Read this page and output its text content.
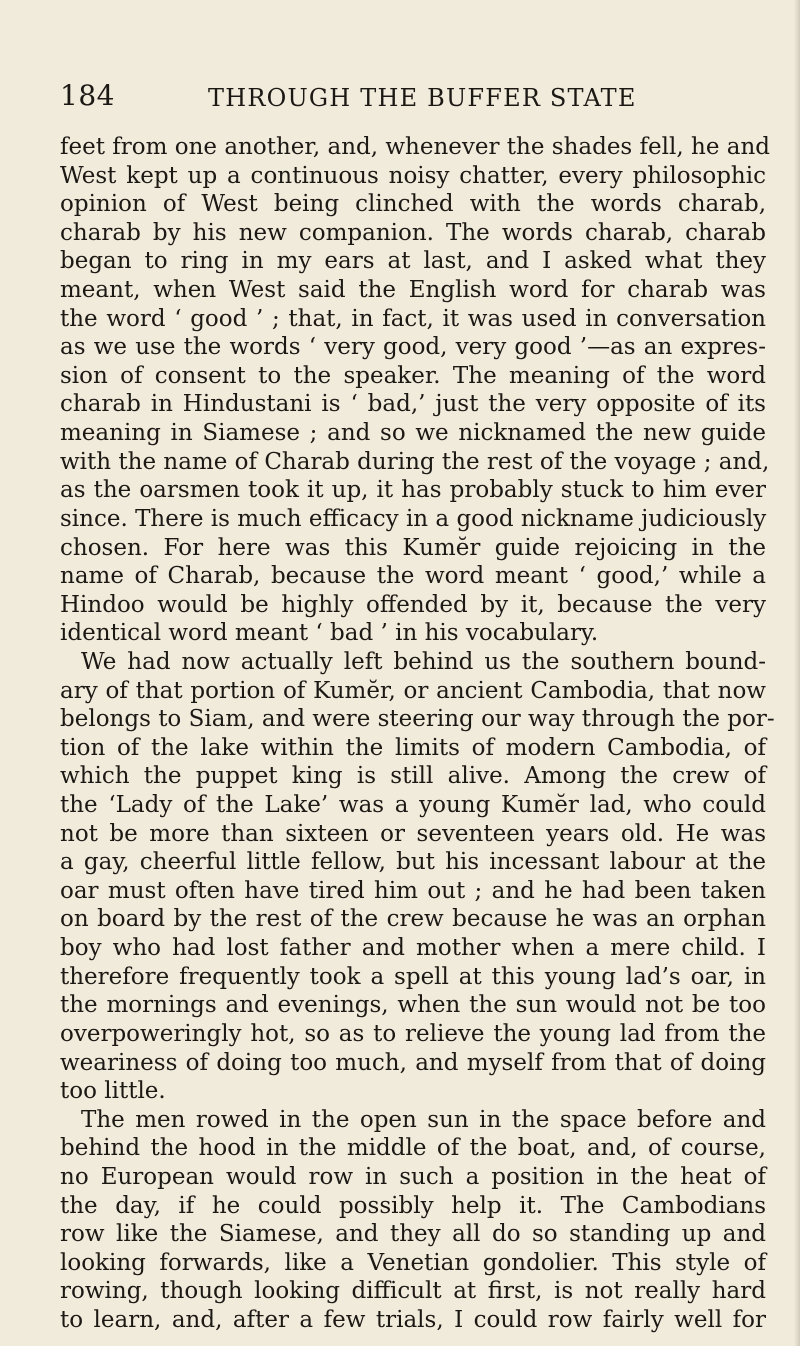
184	THROUGH THE BUFFER STATE
feet from one another, and, whenever the shades fell, he and
West kept up a continuous noisy chatter, every philosophic
opinion of West being clinched with the words charab,
charab by his new companion. The words charab, charab
began to ring in my ears at last, and I asked what they
meant, when West said the English word for charab was
the word ‘ good ’ ; that, in fact, it was used in conversation
as we use the words ‘ very good, very good ’—as an expres-
sion of consent to the speaker. The meaning of the word
charab in Hindustani is ‘ bad,’ just the very opposite of its
meaning in Siamese ; and so we nicknamed the new guide
with the name of Charab during the rest of the voyage ; and,
as the oarsmen took it up, it has probably stuck to him ever
since. There is much efficacy in a good nickname judiciously
chosen. For here was this Kumĕr guide rejoicing in the
name of Charab, because the word meant ‘ good,’ while a
Hindoo would be highly offended by it, because the very
identical word meant ‘ bad ’ in his vocabulary.
We had now actually left behind us the southern bound-
ary of that portion of Kumĕr, or ancient Cambodia, that now
belongs to Siam, and were steering our way through the por-
tion of the lake within the limits of modern Cambodia, of
which the puppet king is still alive. Among the crew of
the ‘Lady of the Lake’ was a young Kumĕr lad, who could
not be more than sixteen or seventeen years old. He was
a gay, cheerful little fellow, but his incessant labour at the
oar must often have tired him out ; and he had been taken
on board by the rest of the crew because he was an orphan
boy who had lost father and mother when a mere child. I
therefore frequently took a spell at this young lad’s oar, in
the mornings and evenings, when the sun would not be too
overpoweringly hot, so as to relieve the young lad from the
weariness of doing too much, and myself from that of doing
too little.
The men rowed in the open sun in the space before and
behind the hood in the middle of the boat, and, of course,
no European would row in such a position in the heat of
the day, if he could possibly help it. The Cambodians
row like the Siamese, and they all do so standing up and
looking forwards, like a Venetian gondolier. This style of
rowing, though looking difficult at first, is not really hard
to learn, and, after a few trials, I could row fairly well for
